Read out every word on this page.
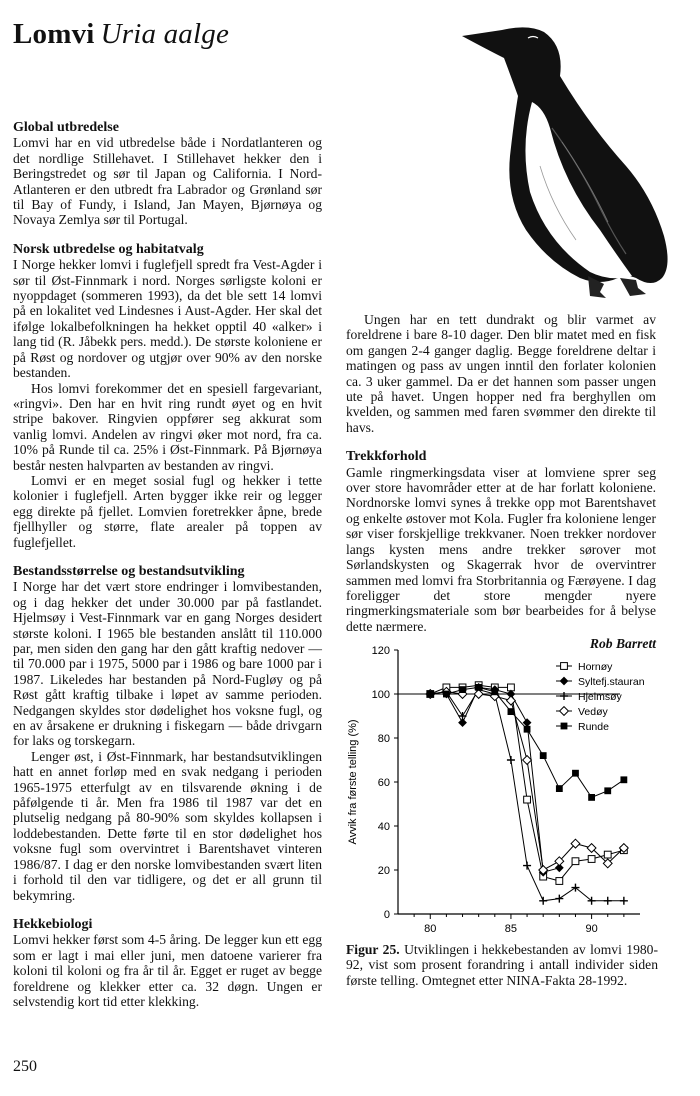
Lomvi Uria aalge
Global utbredelse

Lomvi har en vid utbredelse både i Nordatlanteren og det nordlige Stillehavet. I Stillehavet hekker den i Beringstredet og sør til Japan og California. I Nord-Atlanteren er den utbredt fra Labrador og Grønland sør til Bay of Fundy, i Island, Jan Mayen, Bjørnøya og Novaya Zemlya sør til Portugal.

Norsk utbredelse og habitatvalg

I Norge hekker lomvi i fuglefjell spredt fra Vest-Agder i sør til Øst-Finnmark i nord. Norges sørligste koloni er nyoppdaget (sommeren 1993), da det ble sett 14 lomvi på en lokalitet ved Lindesnes i Aust-Agder. Her skal det ifølge lokalbefolkningen ha hekket opptil 40 «alker» i lang tid (R. Jåbekk pers. medd.). De største koloniene er på Røst og nordover og utgjør over 90% av den norske bestanden.

Hos lomvi forekommer det en spesiell fargevariant, «ringvi». Den har en hvit ring rundt øyet og en hvit stripe bakover. Ringvien oppfører seg akkurat som vanlig lomvi. Andelen av ringvi øker mot nord, fra ca. 10% på Runde til ca. 25% i Øst-Finnmark. På Bjørnøya består nesten halvparten av bestanden av ringvi.

Lomvi er en meget sosial fugl og hekker i tette kolonier i fuglefjell. Arten bygger ikke reir og legger egg direkte på fjellet. Lomvien foretrekker åpne, brede fjellhyller og større, flate arealer på toppen av fuglefjellet.

Bestandsstørrelse og bestandsutvikling

I Norge har det vært store endringer i lomvibestanden, og i dag hekker det under 30.000 par på fastlandet. Hjelmsøy i Vest-Finnmark var en gang Norges desidert største koloni. I 1965 ble bestanden anslått til 110.000 par, men siden den gang har den gått kraftig nedover — til 70.000 par i 1975, 5000 par i 1986 og bare 1000 par i 1987. Likeledes har bestanden på Nord-Fugløy og på Røst gått kraftig tilbake i løpet av samme perioden. Nedgangen skyldes stor dødelighet hos voksne fugl, og en av årsakene er drukning i fiskegarn — både drivgarn for laks og torskegarn.

Lenger øst, i Øst-Finnmark, har bestandsutviklingen hatt en annet forløp med en svak nedgang i perioden 1965-1975 etterfulgt av en tilsvarende økning i de påfølgende ti år. Men fra 1986 til 1987 var det en plutselig nedgang på 80-90% som skyldes kollapsen i loddebestanden. Dette førte til en stor dødelighet hos voksne fugl som overvintret i Barentshavet vinteren 1986/87. I dag er den norske lomvibestanden svært liten i forhold til den var tidligere, og det er all grunn til bekymring.

Hekkebiologi

Lomvi hekker først som 4-5 åring. De legger kun ett egg som er lagt i mai eller juni, men datoene varierer fra koloni til koloni og fra år til år. Egget er ruget av begge foreldrene og klekker etter ca. 32 døgn. Ungen er selvstendig kort tid etter klekking.

Ungen har en tett dundrakt og blir varmet av foreldrene i bare 8-10 dager. Den blir matet med en fisk om gangen 2-4 ganger daglig. Begge foreldrene deltar i matingen og pass av ungen inntil den forlater kolonien ca. 3 uker gammel. Da er det hannen som passer ungen ute på havet. Ungen hopper ned fra berghyllen om kvelden, og sammen med faren svømmer den direkte til havs.

Trekkforhold

Gamle ringmerkingsdata viser at lomviene sprer seg over store havområder etter at de har forlatt koloniene. Nordnorske lomvi synes å trekke opp mot Barentshavet og enkelte østover mot Kola. Fugler fra koloniene lenger sør viser forskjellige trekkvaner. Noen trekker nordover langs kysten mens andre trekker sørover mot Sørlandskysten og Skagerrak hvor de overvintrer sammen med lomvi fra Storbritannia og Færøyene. I dag foreligger det store mengder nyere ringmerkingsmateriale som bør bearbeides for å belyse dette nærmere.

Rob Barrett
0
20
40
60
80
100
120
80	85	90
Avvik fra første telling (%)
Hornøy
Syltefj.stauran
Hjelmsøy
Vedøy
Runde
Figur 25. Utviklingen i hekkebestanden av lomvi 1980-92, vist som prosent forandring i antall individer siden første telling. Omtegnet etter NINA-Fakta 28-1992.
250
